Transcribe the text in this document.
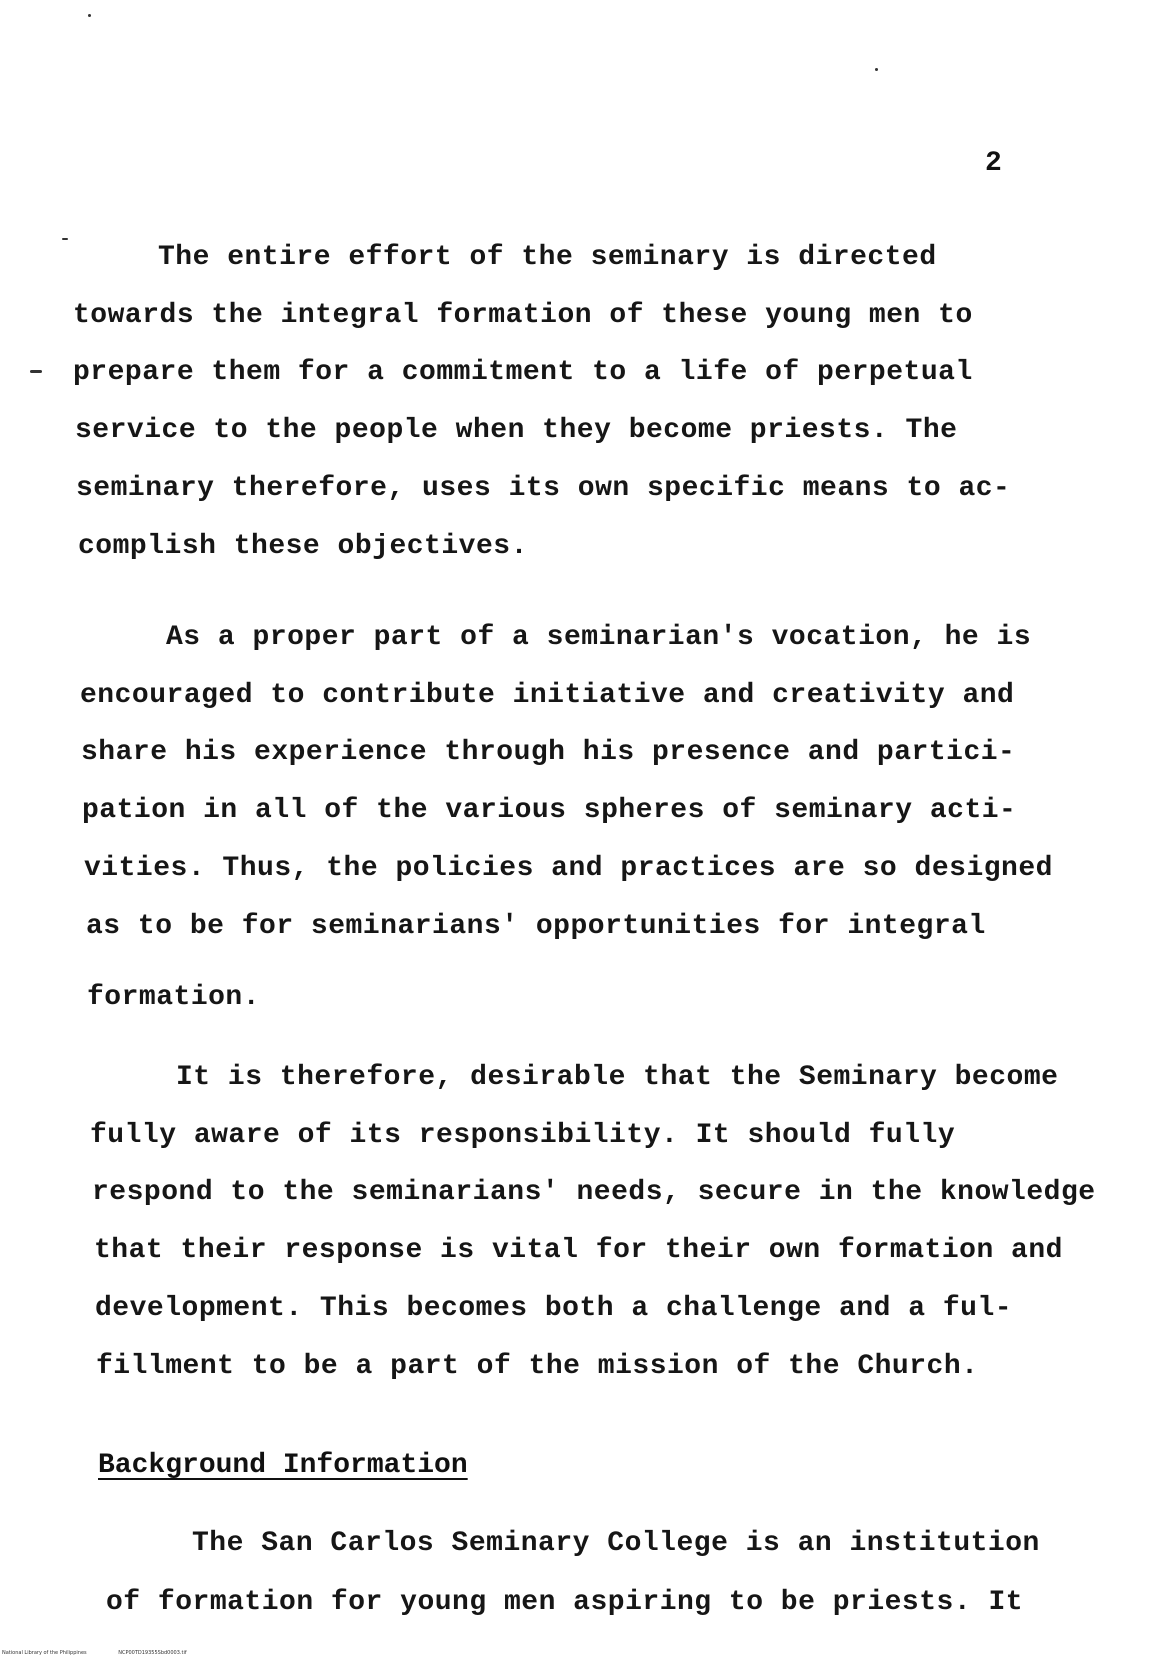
2
The entire effort of the seminary is directed
towards the integral formation of these young men to
prepare them for a commitment to a life of perpetual
service to the people when they become priests. The
seminary therefore, uses its own specific means to ac-
complish these objectives.
As a proper part of a seminarian's vocation, he is
encouraged to contribute initiative and creativity and
share his experience through his presence and partici-
pation in all of the various spheres of seminary acti-
vities. Thus, the policies and practices are so designed
as to be for seminarians' opportunities for integral
formation.
It is therefore, desirable that the Seminary become
fully aware of its responsibility. It should fully
respond to the seminarians' needs, secure in the knowledge
that their response is vital for their own formation and
development. This becomes both a challenge and a ful-
fillment to be a part of the mission of the Church.
Background Information
The San Carlos Seminary College is an institution
of formation for young men aspiring to be priests. It
National Library of the Philippines	NCP00TD19355Sbd0003.tif
